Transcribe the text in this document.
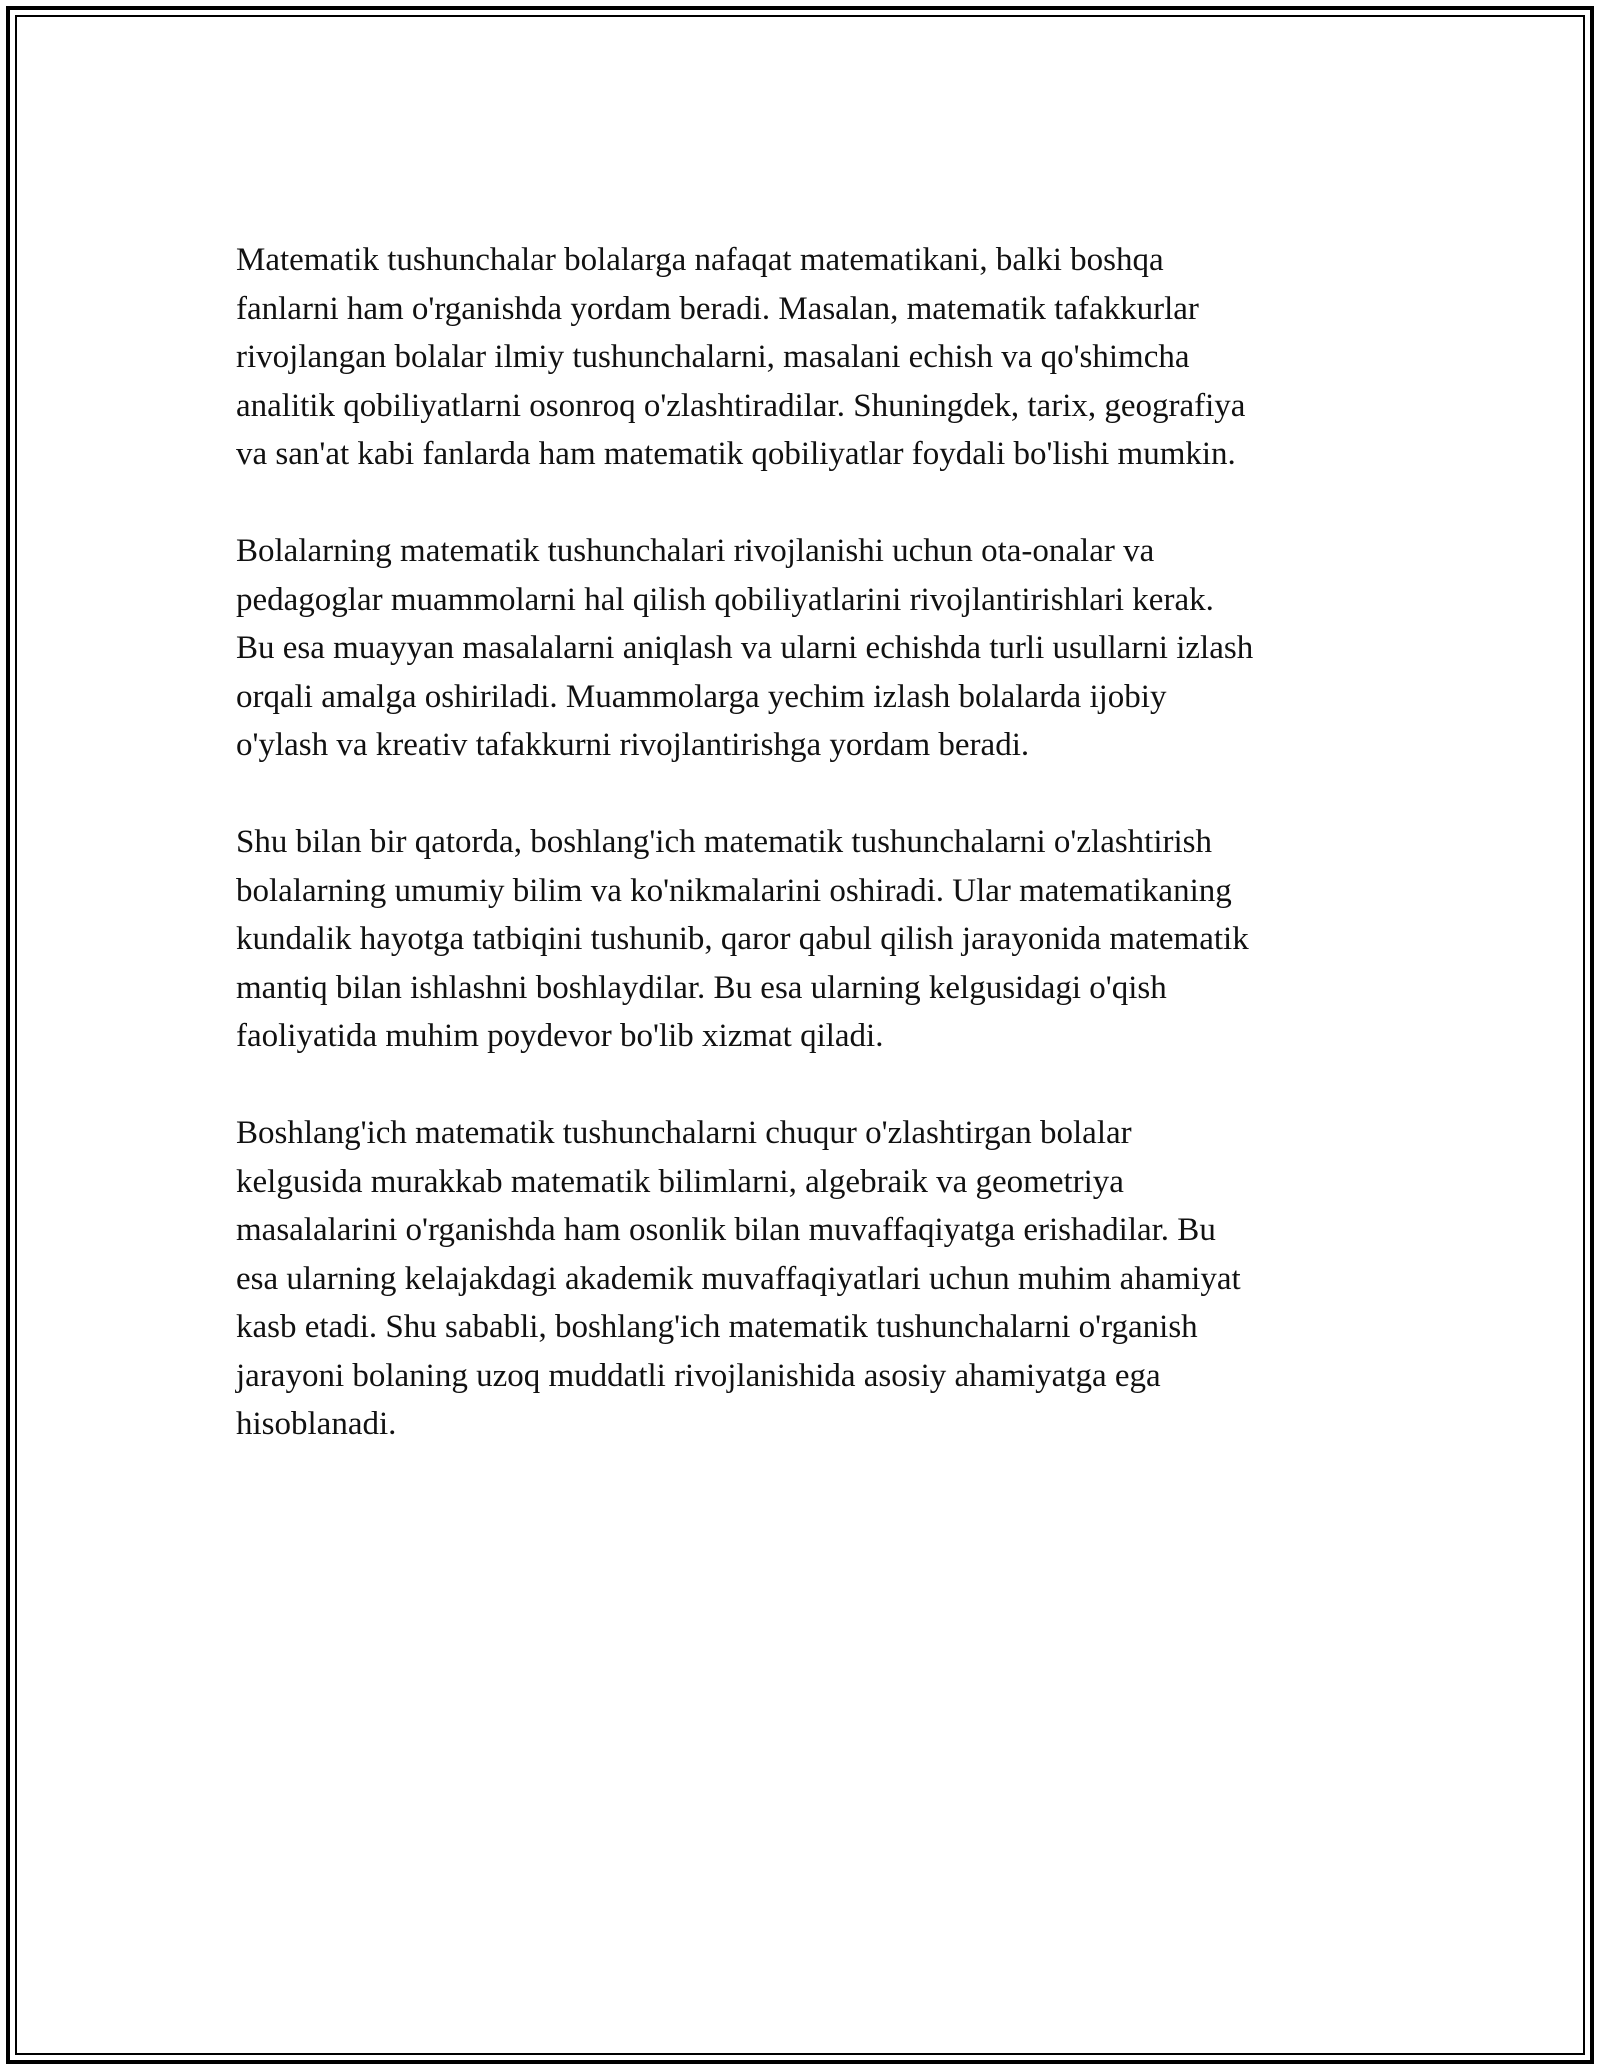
Matematik tushunchalar bolalarga nafaqat matematikani, balki boshqa
fanlarni ham o'rganishda yordam beradi. Masalan, matematik tafakkurlar
rivojlangan bolalar ilmiy tushunchalarni, masalani echish va qo'shimcha
analitik qobiliyatlarni osonroq o'zlashtiradilar. Shuningdek, tarix, geografiya
va san'at kabi fanlarda ham matematik qobiliyatlar foydali bo'lishi mumkin.

Bolalarning matematik tushunchalari rivojlanishi uchun ota-onalar va
pedagoglar muammolarni hal qilish qobiliyatlarini rivojlantirishlari kerak.
Bu esa muayyan masalalarni aniqlash va ularni echishda turli usullarni izlash
orqali amalga oshiriladi. Muammolarga yechim izlash bolalarda ijobiy
o'ylash va kreativ tafakkurni rivojlantirishga yordam beradi.

Shu bilan bir qatorda, boshlang'ich matematik tushunchalarni o'zlashtirish
bolalarning umumiy bilim va ko'nikmalarini oshiradi. Ular matematikaning
kundalik hayotga tatbiqini tushunib, qaror qabul qilish jarayonida matematik
mantiq bilan ishlashni boshlaydilar. Bu esa ularning kelgusidagi o'qish
faoliyatida muhim poydevor bo'lib xizmat qiladi.

Boshlang'ich matematik tushunchalarni chuqur o'zlashtirgan bolalar
kelgusida murakkab matematik bilimlarni, algebraik va geometriya
masalalarini o'rganishda ham osonlik bilan muvaffaqiyatga erishadilar. Bu
esa ularning kelajakdagi akademik muvaffaqiyatlari uchun muhim ahamiyat
kasb etadi. Shu sababli, boshlang'ich matematik tushunchalarni o'rganish
jarayoni bolaning uzoq muddatli rivojlanishida asosiy ahamiyatga ega
hisoblanadi.
